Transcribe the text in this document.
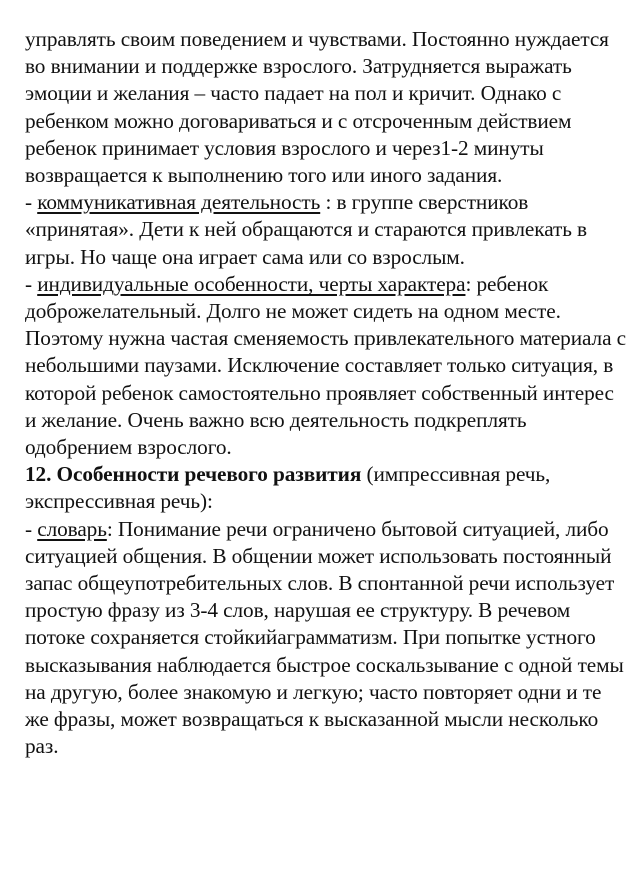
управлять своим поведением и чувствами. Постоянно нуждается во внимании и поддержке взрослого. Затрудняется выражать эмоции и желания – часто падает на пол и кричит. Однако с ребенком можно договариваться и с отсроченным действием ребенок принимает условия взрослого и через1-2 минуты возвращается к выполнению того или иного задания.

- коммуникативная деятельность : в группе сверстников «принятая». Дети к ней обращаются и стараются привлекать в игры. Но чаще она играет сама или со взрослым.

- индивидуальные особенности, черты характера: ребенок доброжелательный. Долго не может сидеть на одном месте. Поэтому нужна частая сменяемость привлекательного материала с небольшими паузами. Исключение составляет только ситуация, в которой ребенок самостоятельно проявляет собственный интерес и желание. Очень важно всю деятельность подкреплять одобрением взрослого.

12. Особенности речевого развития (импрессивная речь, экспрессивная речь):

- словарь: Понимание речи ограничено бытовой ситуацией, либо ситуацией общения. В общении может использовать постоянный запас общеупотребительных слов. В спонтанной речи использует простую фразу из 3-4 слов, нарушая ее структуру. В речевом потоке сохраняется стойкийаграмматизм. При попытке устного высказывания наблюдается быстрое соскальзывание с одной темы на другую, более знакомую и легкую; часто повторяет одни и те же фразы, может возвращаться к высказанной мысли несколько раз.
